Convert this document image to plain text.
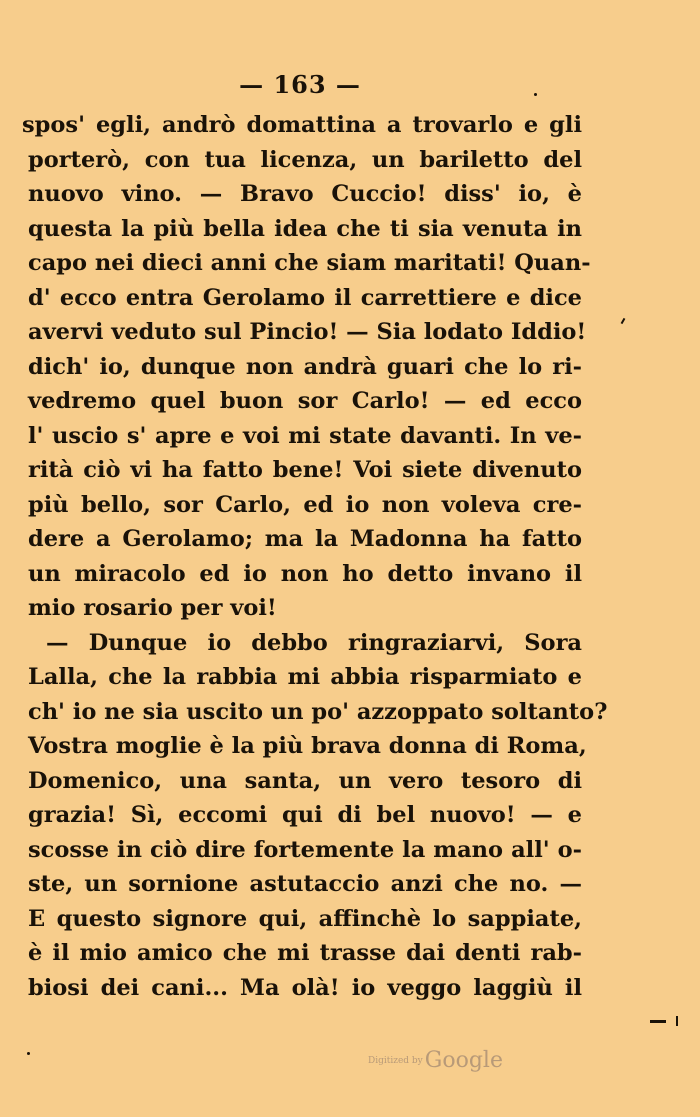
— 163 —
spos' egli, andrò domattina a trovarlo e gli
porterò, con tua licenza, un bariletto del
nuovo vino. — Bravo Cuccio! diss' io, è
questa la più bella idea che ti sia venuta in
capo nei dieci anni che siam maritati! Quan-
d' ecco entra Gerolamo il carrettiere e dice
avervi veduto sul Pincio! — Sia lodato Iddio!
dich' io, dunque non andrà guari che lo ri-
vedremo quel buon sor Carlo! — ed ecco
l' uscio s' apre e voi mi state davanti. In ve-
rità ciò vi ha fatto bene! Voi siete divenuto
più bello, sor Carlo, ed io non voleva cre-
dere a Gerolamo; ma la Madonna ha fatto
un miracolo ed io non ho detto invano il
mio rosario per voi!
— Dunque io debbo ringraziarvi, Sora
Lalla, che la rabbia mi abbia risparmiato e
ch' io ne sia uscito un po' azzoppato soltanto?
Vostra moglie è la più brava donna di Roma,
Domenico, una santa, un vero tesoro di
grazia! Sì, eccomi qui di bel nuovo! — e
scosse in ciò dire fortemente la mano all' o-
ste, un sornione astutaccio anzi che no. —
E questo signore qui, affinchè lo sappiate,
è il mio amico che mi trasse dai denti rab-
biosi dei cani... Ma olà! io veggo laggiù il
Digitized byGoogle
